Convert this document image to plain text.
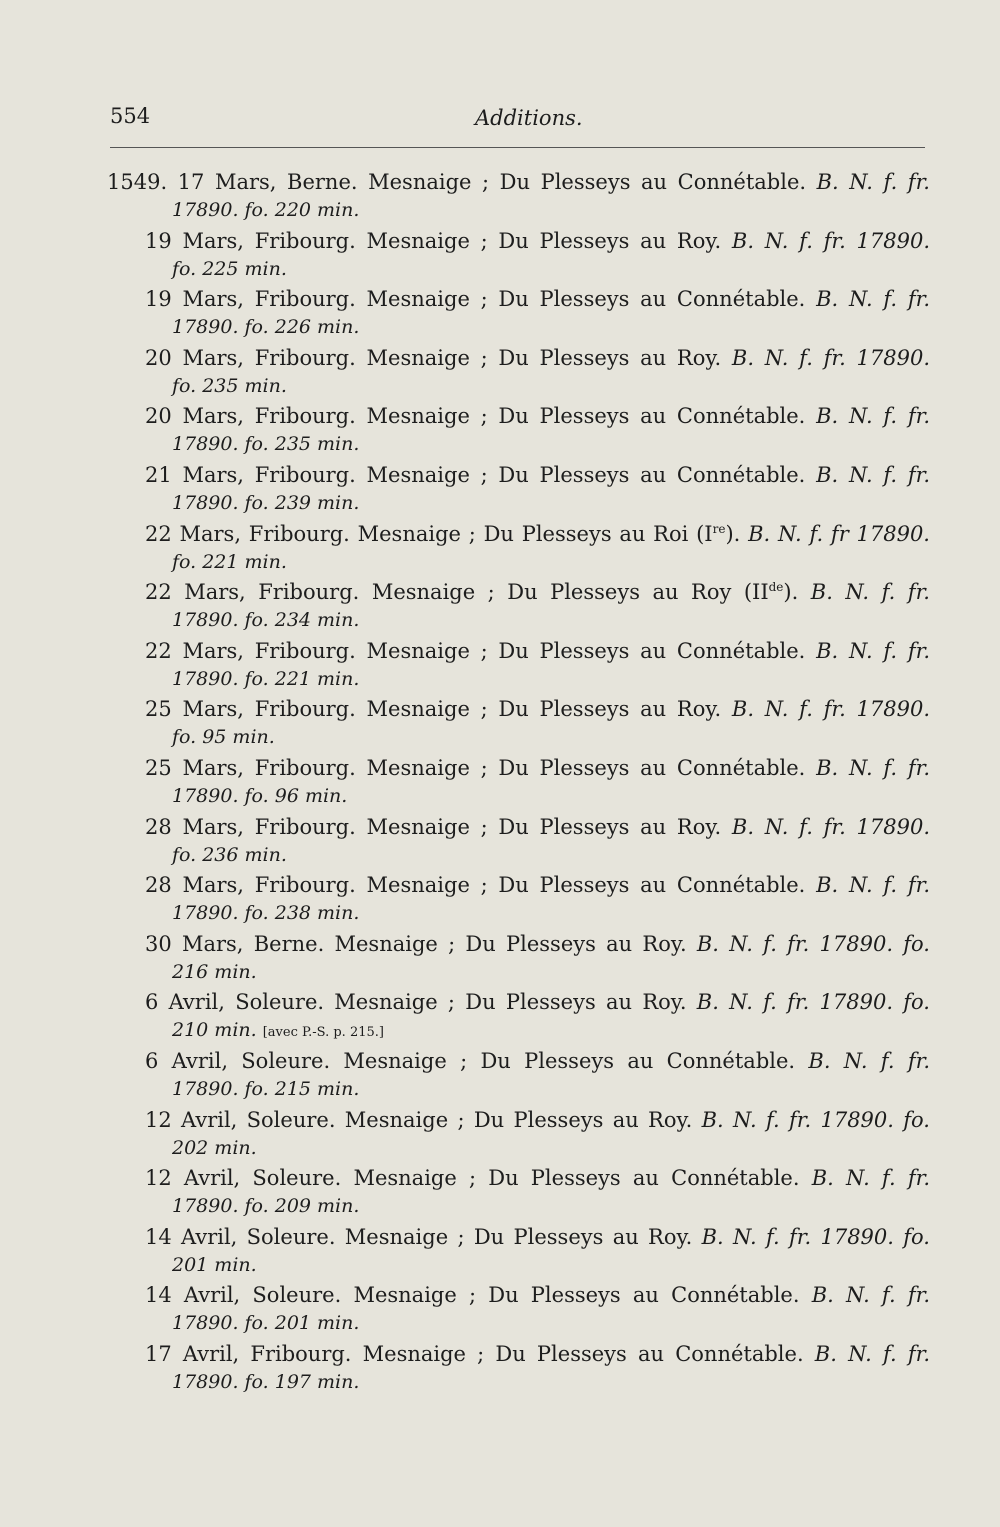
554	Additions.
1549. 17 Mars, Berne. Mesnaige ; Du Plesseys au Connétable. B. N. f. fr.
17890. fo. 220 min.
19 Mars, Fribourg. Mesnaige ; Du Plesseys au Roy. B. N. f. fr. 17890.
fo. 225 min.
19 Mars, Fribourg. Mesnaige ; Du Plesseys au Connétable. B. N. f. fr.
17890. fo. 226 min.
20 Mars, Fribourg. Mesnaige ; Du Plesseys au Roy. B. N. f. fr. 17890.
fo. 235 min.
20 Mars, Fribourg. Mesnaige ; Du Plesseys au Connétable. B. N. f. fr.
17890. fo. 235 min.
21 Mars, Fribourg. Mesnaige ; Du Plesseys au Connétable. B. N. f. fr.
17890. fo. 239 min.
22 Mars, Fribourg. Mesnaige ; Du Plesseys au Roi (Ire). B. N. f. fr 17890.
fo. 221 min.
22 Mars, Fribourg. Mesnaige ; Du Plesseys au Roy (IIde). B. N. f. fr.
17890. fo. 234 min.
22 Mars, Fribourg. Mesnaige ; Du Plesseys au Connétable. B. N. f. fr.
17890. fo. 221 min.
25 Mars, Fribourg. Mesnaige ; Du Plesseys au Roy. B. N. f. fr. 17890.
fo. 95 min.
25 Mars, Fribourg. Mesnaige ; Du Plesseys au Connétable. B. N. f. fr.
17890. fo. 96 min.
28 Mars, Fribourg. Mesnaige ; Du Plesseys au Roy. B. N. f. fr. 17890.
fo. 236 min.
28 Mars, Fribourg. Mesnaige ; Du Plesseys au Connétable. B. N. f. fr.
17890. fo. 238 min.
30 Mars, Berne. Mesnaige ; Du Plesseys au Roy. B. N. f. fr. 17890. fo.
216 min.
6 Avril, Soleure. Mesnaige ; Du Plesseys au Roy. B. N. f. fr. 17890. fo.
210 min. [avec P.-S. p. 215.]
6 Avril, Soleure. Mesnaige ; Du Plesseys au Connétable. B. N. f. fr.
17890. fo. 215 min.
12 Avril, Soleure. Mesnaige ; Du Plesseys au Roy. B. N. f. fr. 17890. fo.
202 min.
12 Avril, Soleure. Mesnaige ; Du Plesseys au Connétable. B. N. f. fr.
17890. fo. 209 min.
14 Avril, Soleure. Mesnaige ; Du Plesseys au Roy. B. N. f. fr. 17890. fo.
201 min.
14 Avril, Soleure. Mesnaige ; Du Plesseys au Connétable. B. N. f. fr.
17890. fo. 201 min.
17 Avril, Fribourg. Mesnaige ; Du Plesseys au Connétable. B. N. f. fr.
17890. fo. 197 min.
